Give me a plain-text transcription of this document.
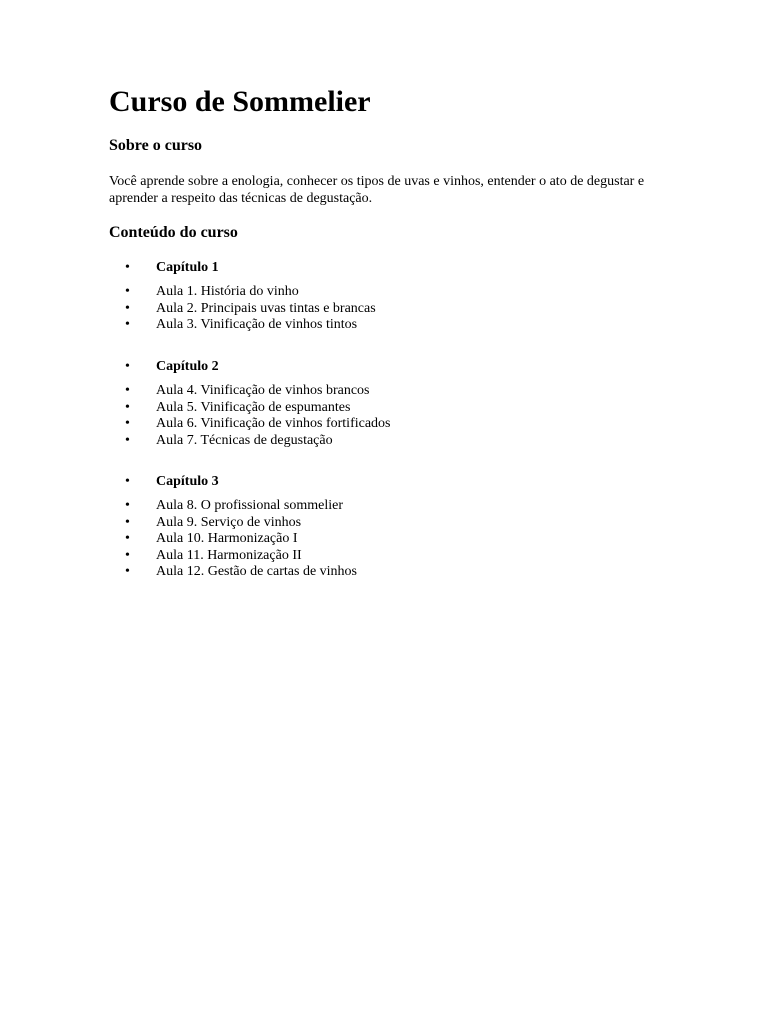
Curso de Sommelier
Sobre o curso

Você aprende sobre a enologia, conhecer os tipos de uvas e vinhos, entender o ato de degustar e aprender a respeito das técnicas de degustação.

Conteúdo do curso
• Capítulo 1
• Aula 1. História do vinho
• Aula 2. Principais uvas tintas e brancas
• Aula 3. Vinificação de vinhos tintos
• Capítulo 2
• Aula 4. Vinificação de vinhos brancos
• Aula 5. Vinificação de espumantes
• Aula 6. Vinificação de vinhos fortificados
• Aula 7. Técnicas de degustação
• Capítulo 3
• Aula 8. O profissional sommelier
• Aula 9. Serviço de vinhos
• Aula 10. Harmonização I
• Aula 11. Harmonização II
• Aula 12. Gestão de cartas de vinhos
